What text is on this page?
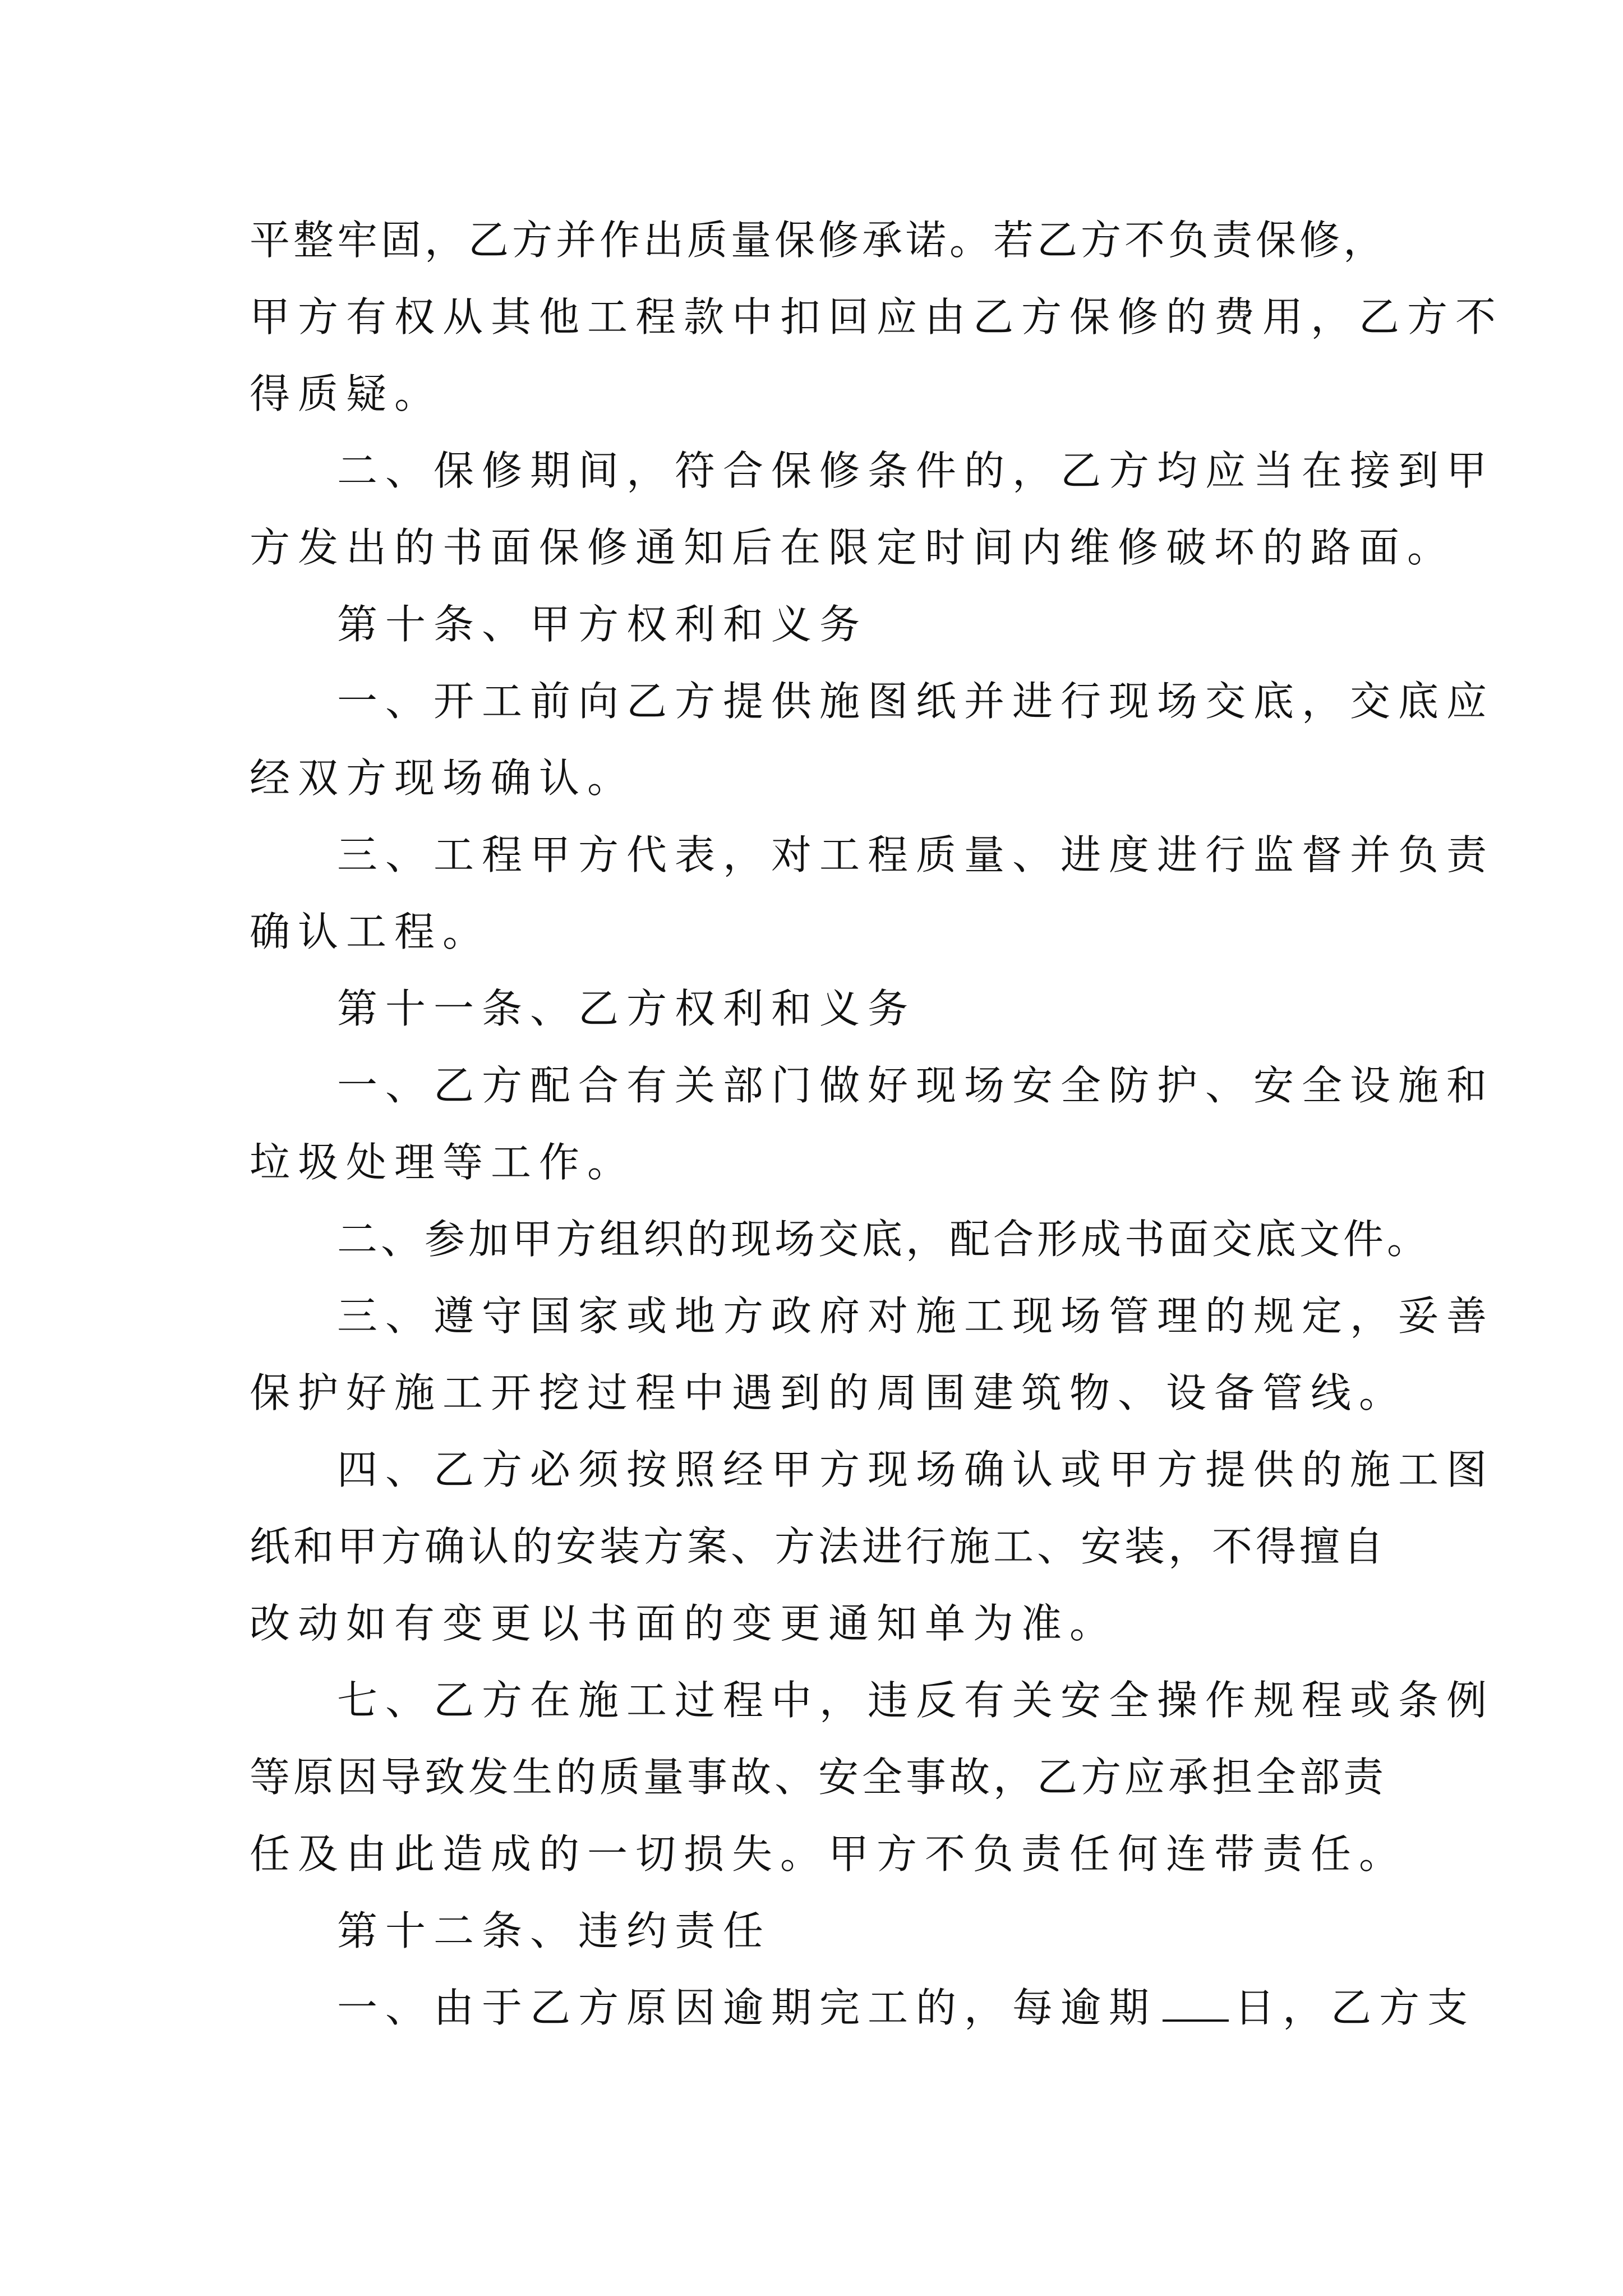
平整牢固，乙方并作出质量保修承诺。若乙方不负责保修，
甲方有权从其他工程款中扣回应由乙方保修的费用，乙方不
得质疑。
二、保修期间，符合保修条件的，乙方均应当在接到甲
方发出的书面保修通知后在限定时间内维修破坏的路面。
第十条、甲方权利和义务
一、开工前向乙方提供施图纸并进行现场交底，交底应
经双方现场确认。
三、工程甲方代表，对工程质量、进度进行监督并负责
确认工程。
第十一条、乙方权利和义务
一、乙方配合有关部门做好现场安全防护、安全设施和
垃圾处理等工作。
二、参加甲方组织的现场交底，配合形成书面交底文件。
三、遵守国家或地方政府对施工现场管理的规定，妥善
保护好施工开挖过程中遇到的周围建筑物、设备管线。
四、乙方必须按照经甲方现场确认或甲方提供的施工图
纸和甲方确认的安装方案、方法进行施工、安装，不得擅自
改动如有变更以书面的变更通知单为准。
七、乙方在施工过程中，违反有关安全操作规程或条例
等原因导致发生的质量事故、安全事故，乙方应承担全部责
任及由此造成的一切损失。甲方不负责任何连带责任。
第十二条、违约责任
一、由于乙方原因逾期完工的，每逾期 日，乙方支
